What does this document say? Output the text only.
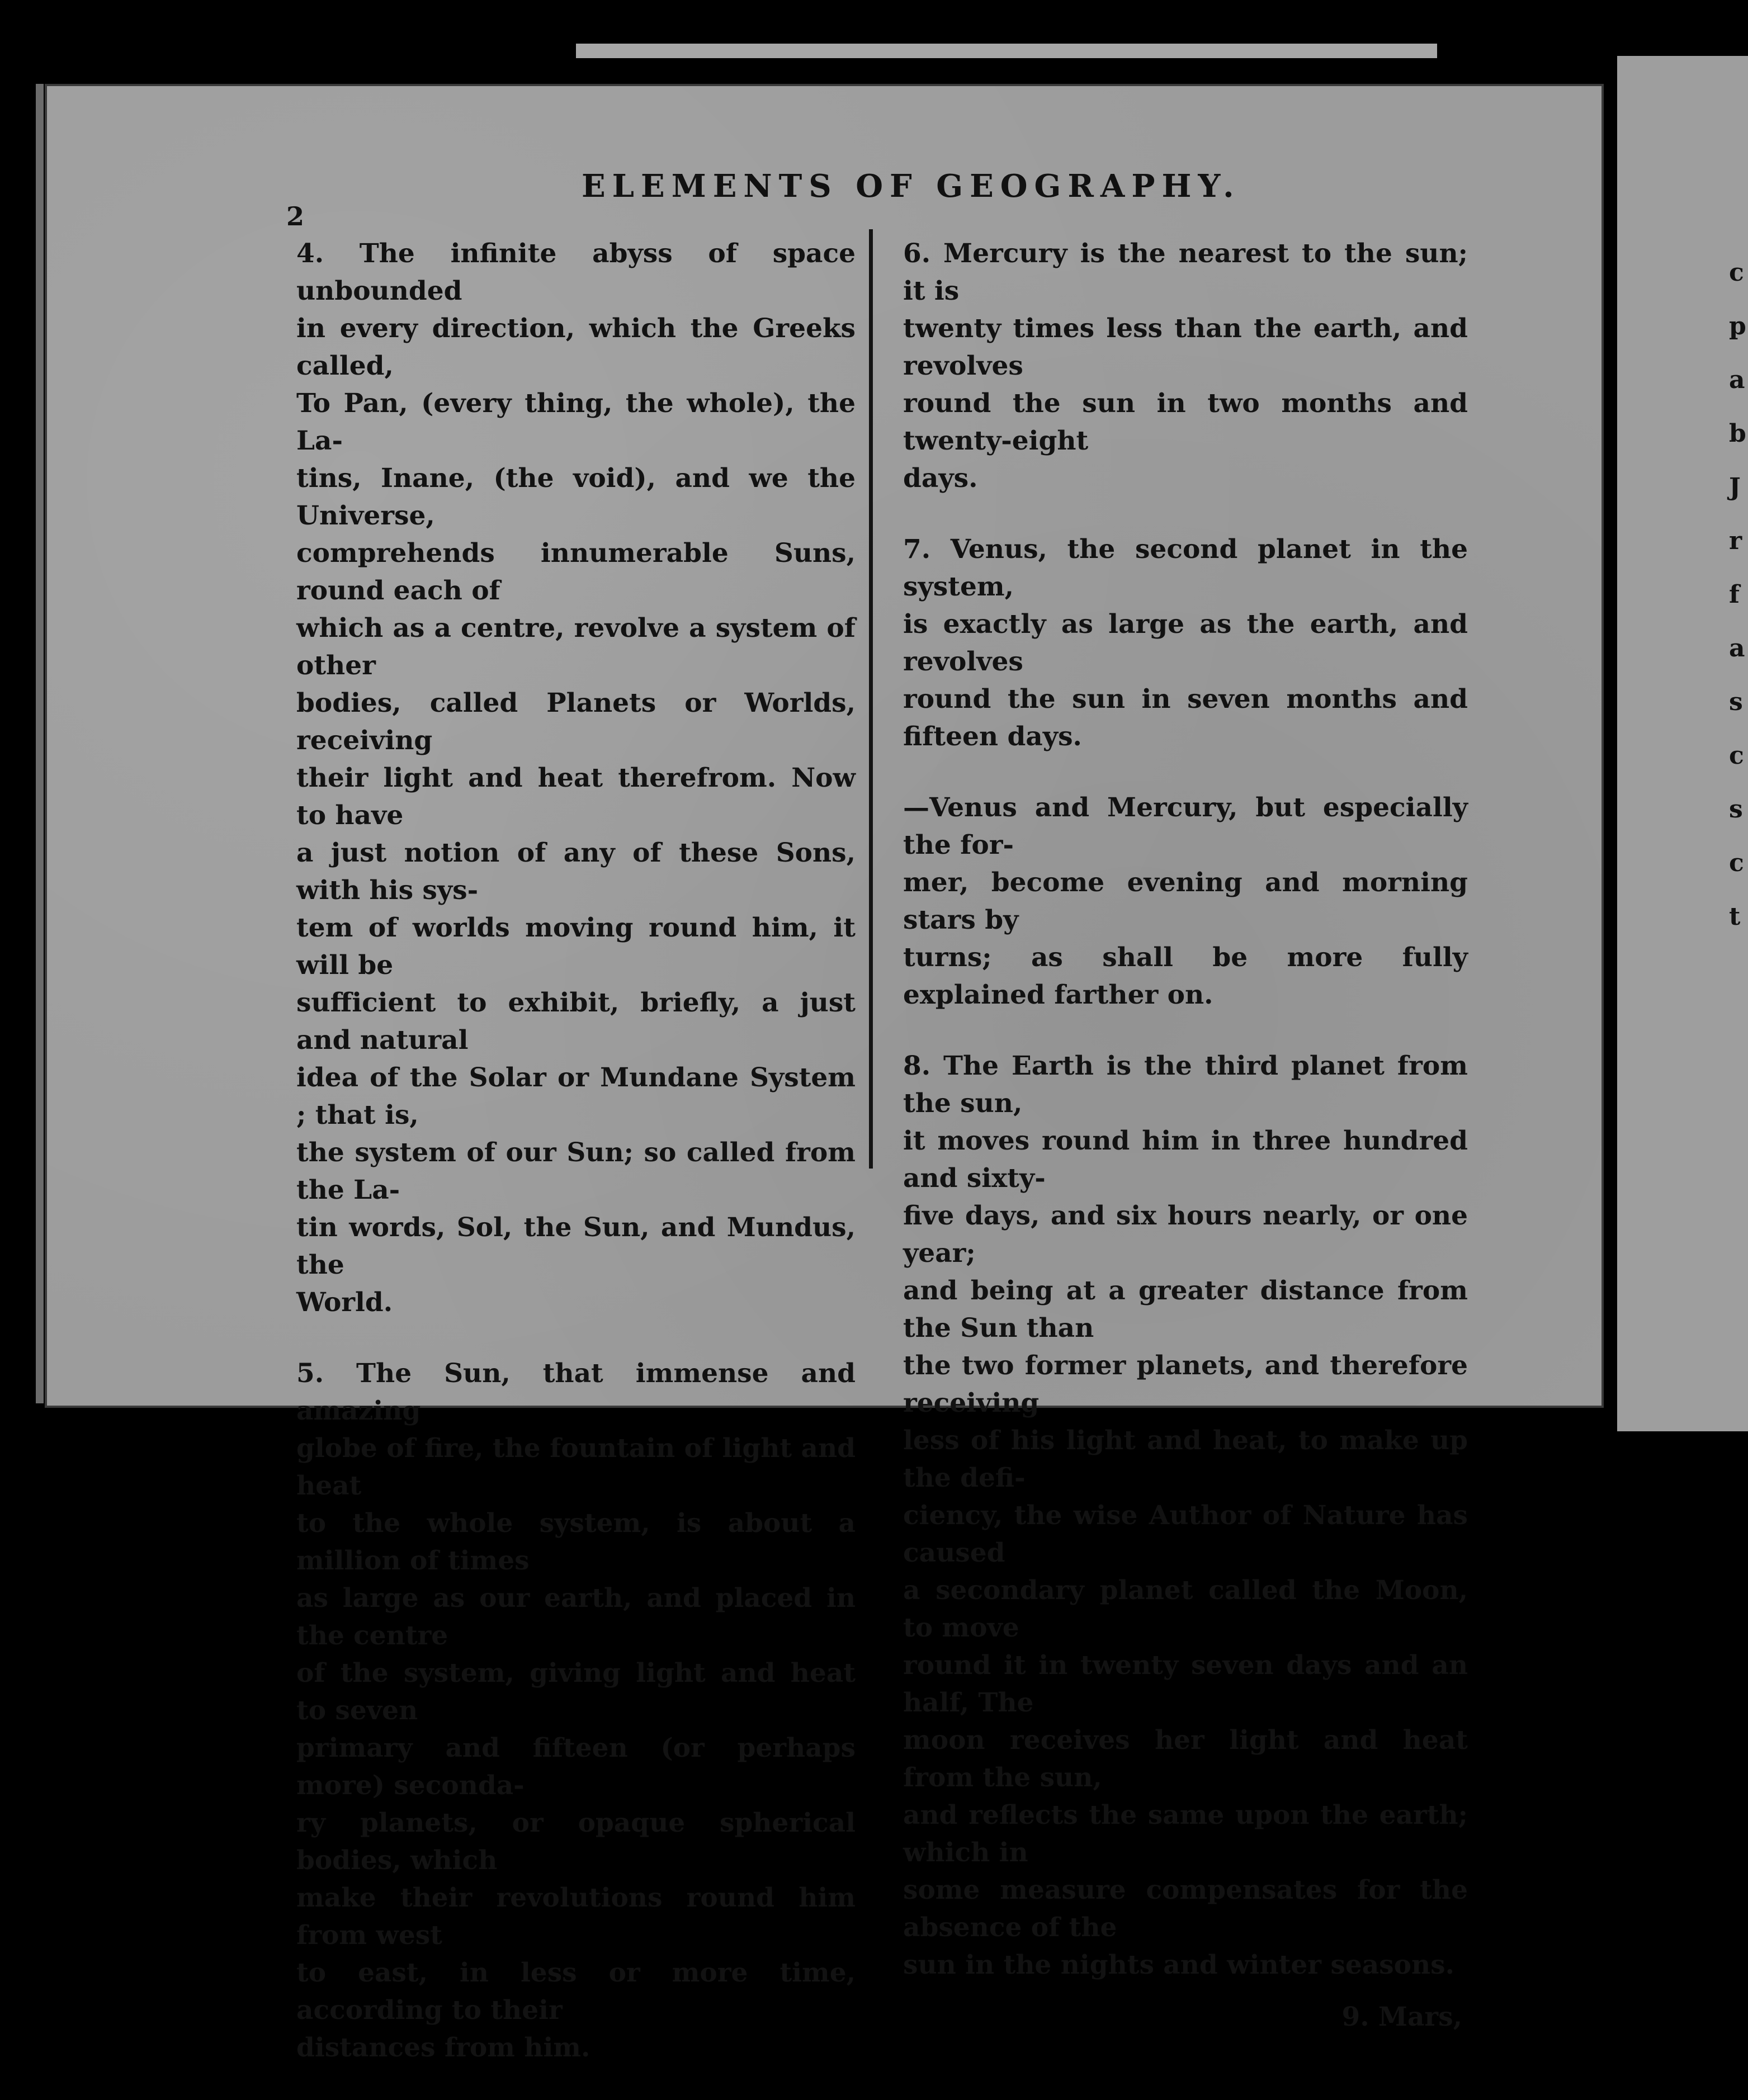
ELEMENTS OF GEOGRAPHY.
2

4. The infinite abyss of space unbounded
in every direction, which the Greeks called,
To Pan, (every thing, the whole), the La-
tins, Inane, (the void), and we the Universe,
comprehends innumerable Suns, round each of
which as a centre, revolve a system of other
bodies, called Planets or Worlds, receiving
their light and heat therefrom. Now to have
a just notion of any of these Sons, with his sys-
tem of worlds moving round him, it will be
sufficient to exhibit, briefly, a just and natural
idea of the Solar or Mundane System ; that is,
the system of our Sun; so called from the La-
tin words, Sol, the Sun, and Mundus, the
World.

5. The Sun, that immense and amazing
globe of fire, the fountain of light and heat
to the whole system, is about a million of times
as large as our earth, and placed in the centre
of the system, giving light and heat to seven
primary and fifteen (or perhaps more) seconda-
ry planets, or opaque spherical bodies, which
make their revolutions round him from west
to east, in less or more time, according to their
distances from him.

6. Mercury is the nearest to the sun; it is
twenty times less than the earth, and revolves
round the sun in two months and twenty-eight
days.

7. Venus, the second planet in the system,
is exactly as large as the earth, and revolves
round the sun in seven months and fifteen days.

—Venus and Mercury, but especially the for-
mer, become evening and morning stars by
turns; as shall be more fully explained farther on.

8. The Earth is the third planet from the sun,
it moves round him in three hundred and sixty-
five days, and six hours nearly, or one year;
and being at a greater distance from the Sun than
the two former planets, and therefore receiving
less of his light and heat, to make up the defi-
ciency, the wise Author of Nature has caused
a secondary planet called the Moon, to move
round it in twenty seven days and an half, The
moon receives her light and heat from the sun,
and reflects the same upon the earth; which in
some measure compensates for the absence of the
sun in the nights and winter seasons.

9. Mars,
c
p
a
b
J
r
f
a
s
c
s
c
t
